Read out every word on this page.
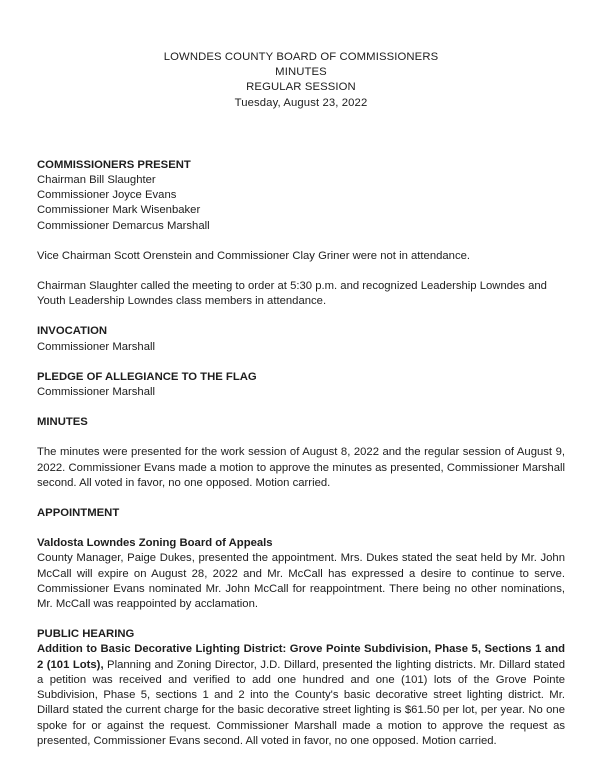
LOWNDES COUNTY BOARD OF COMMISSIONERS
MINUTES
REGULAR SESSION
Tuesday, August 23, 2022
COMMISSIONERS PRESENT
Chairman Bill Slaughter
Commissioner Joyce Evans
Commissioner Mark Wisenbaker
Commissioner Demarcus Marshall

Vice Chairman Scott Orenstein and Commissioner Clay Griner were not in attendance.

Chairman Slaughter called the meeting to order at 5:30 p.m. and recognized Leadership Lowndes and Youth Leadership Lowndes class members in attendance.

INVOCATION
Commissioner Marshall
PLEDGE OF ALLEGIANCE TO THE FLAG
Commissioner Marshall
MINUTES

The minutes were presented for the work session of August 8, 2022 and the regular session of August 9, 2022. Commissioner Evans made a motion to approve the minutes as presented, Commissioner Marshall second. All voted in favor, no one opposed. Motion carried.

APPOINTMENT
Valdosta Lowndes Zoning Board of Appeals

County Manager, Paige Dukes, presented the appointment. Mrs. Dukes stated the seat held by Mr. John McCall will expire on August 28, 2022 and Mr. McCall has expressed a desire to continue to serve. Commissioner Evans nominated Mr. John McCall for reappointment. There being no other nominations, Mr. McCall was reappointed by acclamation.

PUBLIC HEARING

Addition to Basic Decorative Lighting District: Grove Pointe Subdivision, Phase 5, Sections 1 and 2 (101 Lots), Planning and Zoning Director, J.D. Dillard, presented the lighting districts. Mr. Dillard stated a petition was received and verified to add one hundred and one (101) lots of the Grove Pointe Subdivision, Phase 5, sections 1 and 2 into the County's basic decorative street lighting district. Mr. Dillard stated the current charge for the basic decorative street lighting is $61.50 per lot, per year. No one spoke for or against the request. Commissioner Marshall made a motion to approve the request as presented, Commissioner Evans second. All voted in favor, no one opposed. Motion carried.
